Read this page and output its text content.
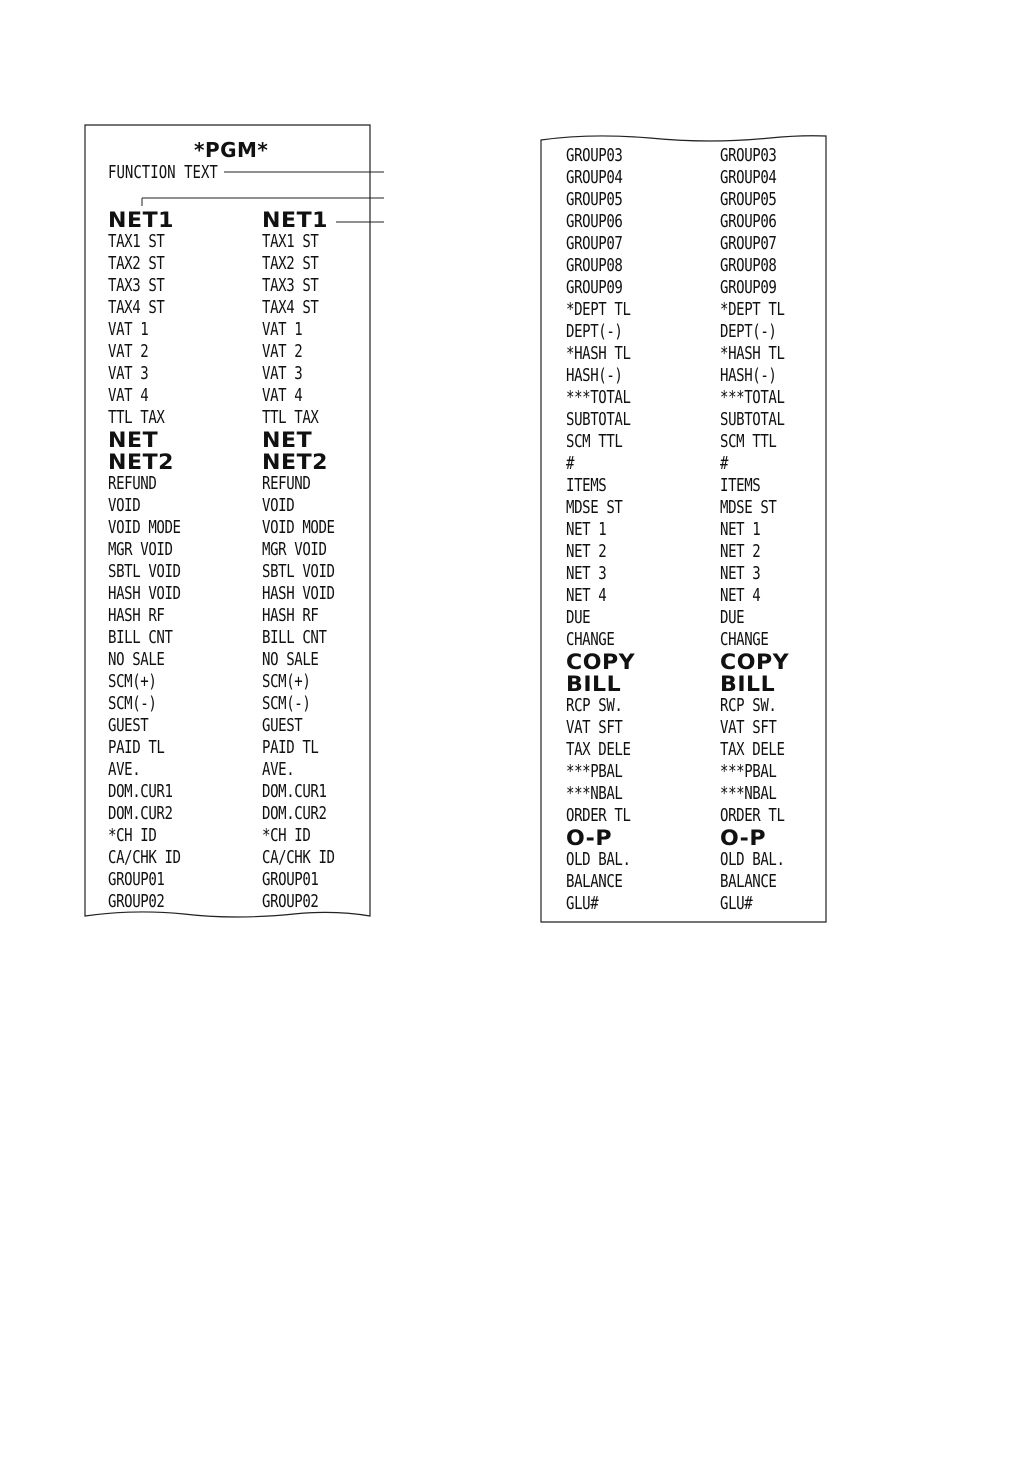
*PGM*
FUNCTION TEXT
NET1	NET1
TAX1 ST	TAX1 ST
TAX2 ST	TAX2 ST
TAX3 ST	TAX3 ST
TAX4 ST	TAX4 ST
VAT 1	VAT 1
VAT 2	VAT 2
VAT 3	VAT 3
VAT 4	VAT 4
TTL TAX	TTL TAX
NET	NET
NET2	NET2
REFUND	REFUND
VOID	VOID
VOID MODE	VOID MODE
MGR VOID	MGR VOID
SBTL VOID	SBTL VOID
HASH VOID	HASH VOID
HASH RF	HASH RF
BILL CNT	BILL CNT
NO SALE	NO SALE
SCM(+)	SCM(+)
SCM(-)	SCM(-)
GUEST	GUEST
PAID TL	PAID TL
AVE.	AVE.
DOM.CUR1	DOM.CUR1
DOM.CUR2	DOM.CUR2
*CH ID	*CH ID
CA/CHK ID	CA/CHK ID
GROUP01	GROUP01
GROUP02	GROUP02
GROUP03	GROUP03
GROUP04	GROUP04
GROUP05	GROUP05
GROUP06	GROUP06
GROUP07	GROUP07
GROUP08	GROUP08
GROUP09	GROUP09
*DEPT TL	*DEPT TL
DEPT(-)	DEPT(-)
*HASH TL	*HASH TL
HASH(-)	HASH(-)
***TOTAL	***TOTAL
SUBTOTAL	SUBTOTAL
SCM TTL	SCM TTL
#	#
ITEMS	ITEMS
MDSE ST	MDSE ST
NET 1	NET 1
NET 2	NET 2
NET 3	NET 3
NET 4	NET 4
DUE	DUE
CHANGE	CHANGE
COPY	COPY
BILL	BILL
RCP SW.	RCP SW.
VAT SFT	VAT SFT
TAX DELE	TAX DELE
***PBAL	***PBAL
***NBAL	***NBAL
ORDER TL	ORDER TL
O-P	O-P
OLD BAL.	OLD BAL.
BALANCE	BALANCE
GLU#	GLU#
